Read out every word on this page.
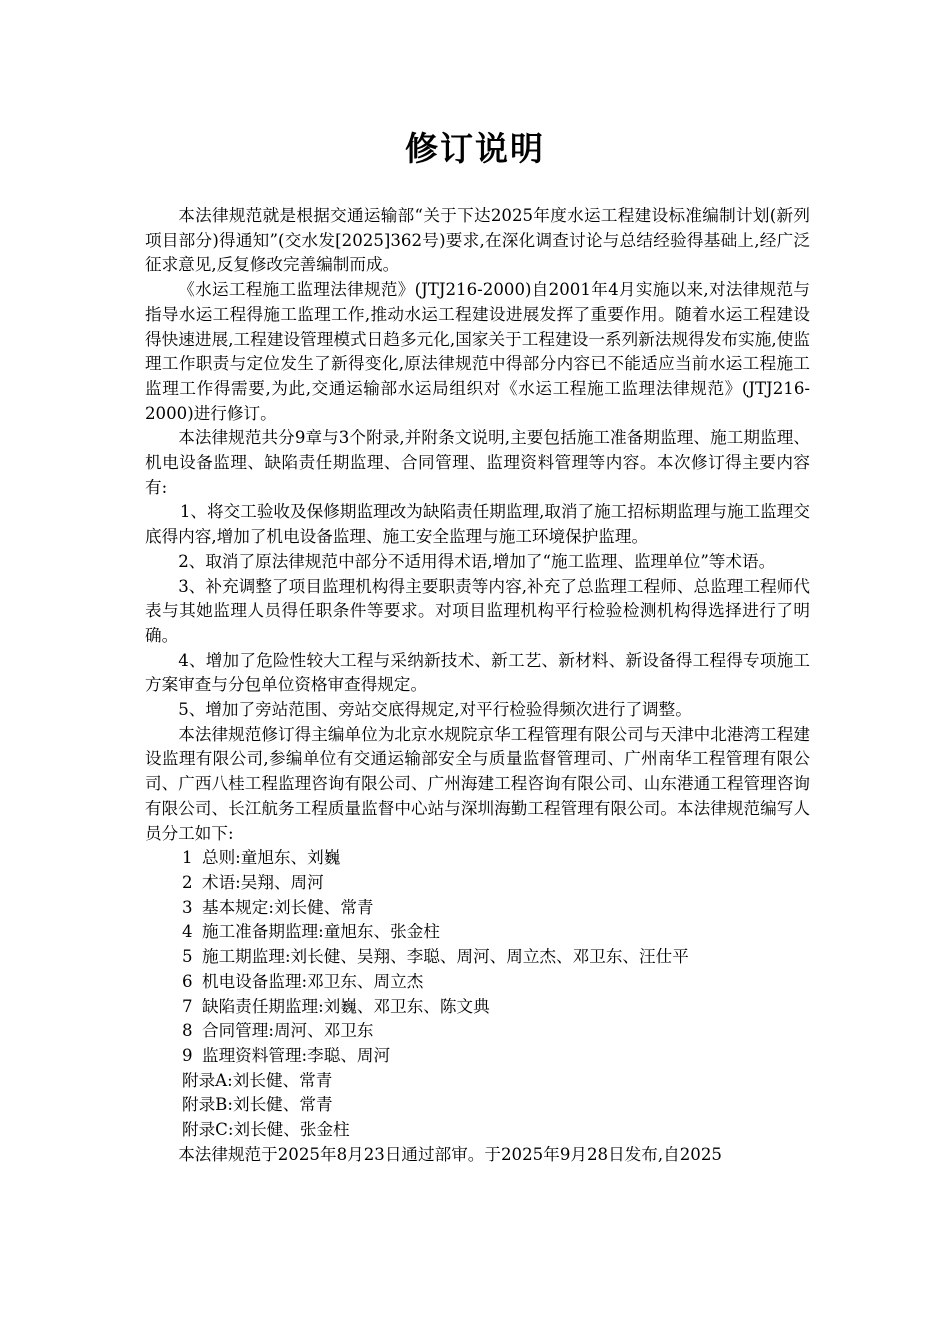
修订说明

本法律规范就是根据交通运输部“关于下达2025年度水运工程建设标准编制计划(新列项目部分)得通知”(交水发[2025]362号)要求,在深化调查讨论与总结经验得基础上,经广泛征求意见,反复修改完善编制而成。

《水运工程施工监理法律规范》(JTJ216-2000)自2001年4月实施以来,对法律规范与指导水运工程得施工监理工作,推动水运工程建设进展发挥了重要作用。随着水运工程建设得快速进展,工程建设管理模式日趋多元化,国家关于工程建设一系列新法规得发布实施,使监理工作职责与定位发生了新得变化,原法律规范中得部分内容已不能适应当前水运工程施工监理工作得需要,为此,交通运输部水运局组织对《水运工程施工监理法律规范》(JTJ216-2000)进行修订。

本法律规范共分9章与3个附录,并附条文说明,主要包括施工准备期监理、施工期监理、机电设备监理、缺陷责任期监理、合同管理、监理资料管理等内容。本次修订得主要内容有:

1、将交工验收及保修期监理改为缺陷责任期监理,取消了施工招标期监理与施工监理交底得内容,增加了机电设备监理、施工安全监理与施工环境保护监理。

2、取消了原法律规范中部分不适用得术语,增加了“施工监理、监理单位”等术语。

3、补充调整了项目监理机构得主要职责等内容,补充了总监理工程师、总监理工程师代表与其她监理人员得任职条件等要求。对项目监理机构平行检验检测机构得选择进行了明确。

4、增加了危险性较大工程与采纳新技术、新工艺、新材料、新设备得工程得专项施工方案审查与分包单位资格审查得规定。

5、增加了旁站范围、旁站交底得规定,对平行检验得频次进行了调整。

本法律规范修订得主编单位为北京水规院京华工程管理有限公司与天津中北港湾工程建设监理有限公司,参编单位有交通运输部安全与质量监督管理司、广州南华工程管理有限公司、广西八桂工程监理咨询有限公司、广州海建工程咨询有限公司、山东港通工程管理咨询有限公司、长江航务工程质量监督中心站与深圳海勤工程管理有限公司。本法律规范编写人员分工如下:

1 总则:童旭东、刘巍
2 术语:吴翔、周河
3 基本规定:刘长健、常青
4 施工准备期监理:童旭东、张金柱
5 施工期监理:刘长健、吴翔、李聪、周河、周立杰、邓卫东、汪仕平
6 机电设备监理:邓卫东、周立杰
7 缺陷责任期监理:刘巍、邓卫东、陈文典
8 合同管理:周河、邓卫东
9 监理资料管理:李聪、周河
附录A:刘长健、常青
附录B:刘长健、常青
附录C:刘长健、张金柱

本法律规范于2025年8月23日通过部审。于2025年9月28日发布,自2025
